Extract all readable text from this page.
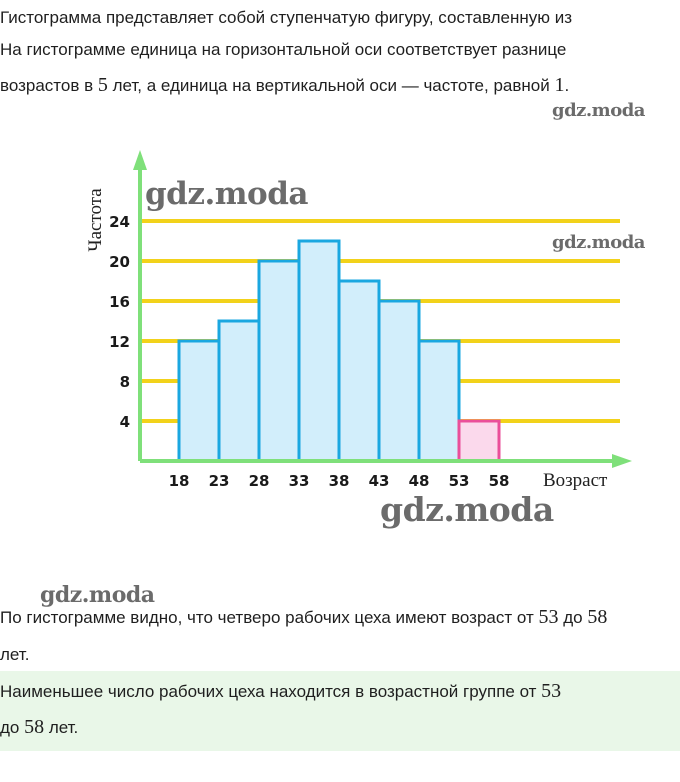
Гистограмма представляет собой ступенчатую фигуру, составленную из
На гистограмме единица на горизонтальной оси соответствует разнице
возрастов в 5 лет, а единица на вертикальной оси — частоте, равной 1.
gdz.moda
gdz.moda
gdz.moda
gdz.moda
gdz.moda
4
8
12
16
20
24
18 23 28 33 38 43 48 53 58
Частота
Возраст
По гистограмме видно, что четверо рабочих цеха имеют возраст от 53 до 58
лет.
Наименьшее число рабочих цеха находится в возрастной группе от 53
до 58 лет.
